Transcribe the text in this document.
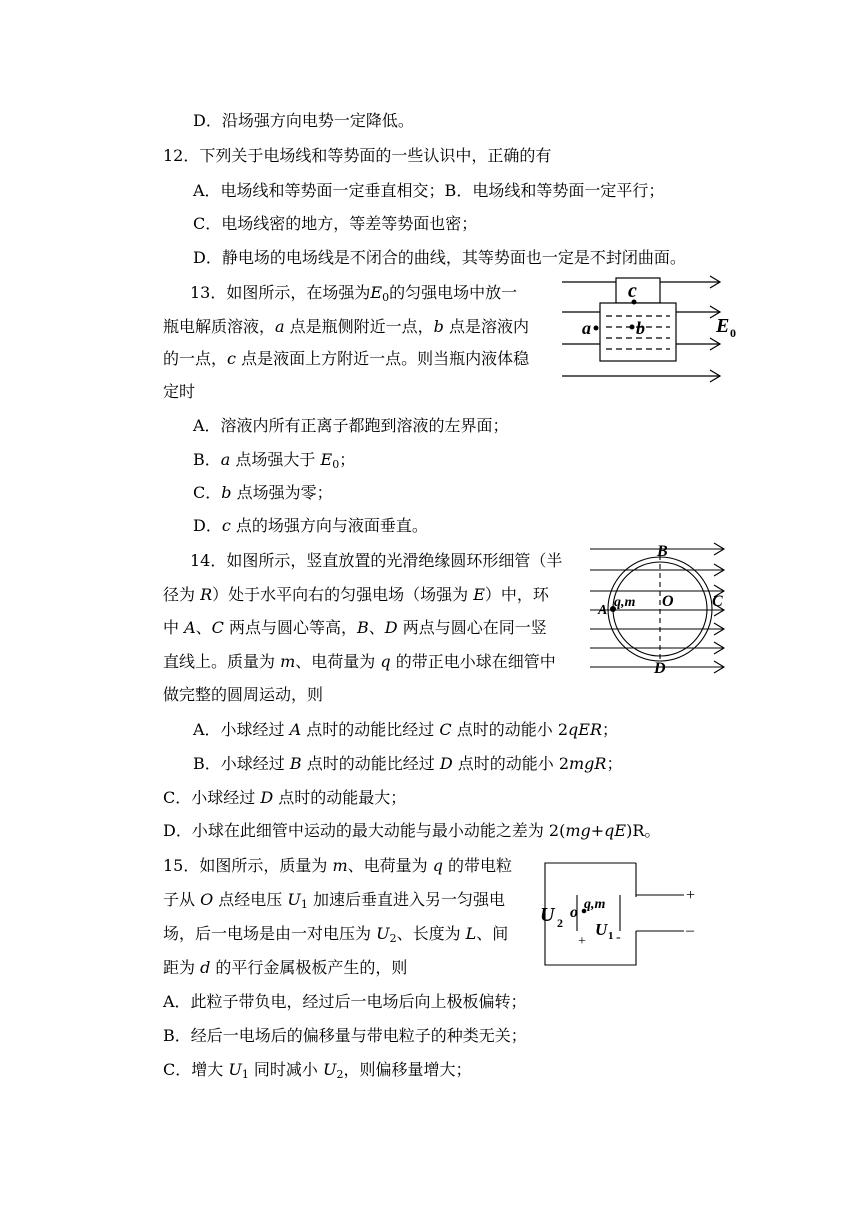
D．沿场强方向电势一定降低。
12．下列关于电场线和等势面的一些认识中，正确的有
A．电场线和等势面一定垂直相交；B．电场线和等势面一定平行；
C．电场线密的地方，等差等势面也密；
D．静电场的电场线是不闭合的曲线，其等势面也一定是不封闭曲面。
13．如图所示，在场强为$E_0$的匀强电场中放一
瓶电解质溶液，a 点是瓶侧附近一点，b 点是溶液内
的一点，c 点是液面上方附近一点。则当瓶内液体稳
定时
A．溶液内所有正离子都跑到溶液的左界面；
B．a 点场强大于 $E_0$；
C．b 点场强为零；
D．c 点的场强方向与液面垂直。
c
a	b	E 0
14．如图所示，竖直放置的光滑绝缘圆环形细管（半
径为 R）处于水平向右的匀强电场（场强为 E）中，环
中 A、C 两点与圆心等高，B、D 两点与圆心在同一竖
直线上。质量为 m、电荷量为 q 的带正电小球在细管中
做完整的圆周运动，则
A．小球经过 A 点时的动能比经过 C 点时的动能小 2qER；
B．小球经过 B 点时的动能比经过 D 点时的动能小 2mgR；
C．小球经过 D 点时的动能最大；
D．小球在此细管中运动的最大动能与最小动能之差为 2(mg+qE)R。
B
D
O C
A
q,m
15．如图所示，质量为 m、电荷量为 q 的带电粒
子从 O 点经电压 $U_1$ 加速后垂直进入另一匀强电
场，后一电场是由一对电压为 $U_2$、长度为 L、间
距为 d 的平行金属极板产生的，则
A．此粒子带负电，经过后一电场后向上极板偏转；
B．经后一电场后的偏移量与带电粒子的种类无关；
C．增大 $U_1$ 同时减小 $U_2$，则偏移量增大；
U 2
o q,m
U 1
+ -
+
–
